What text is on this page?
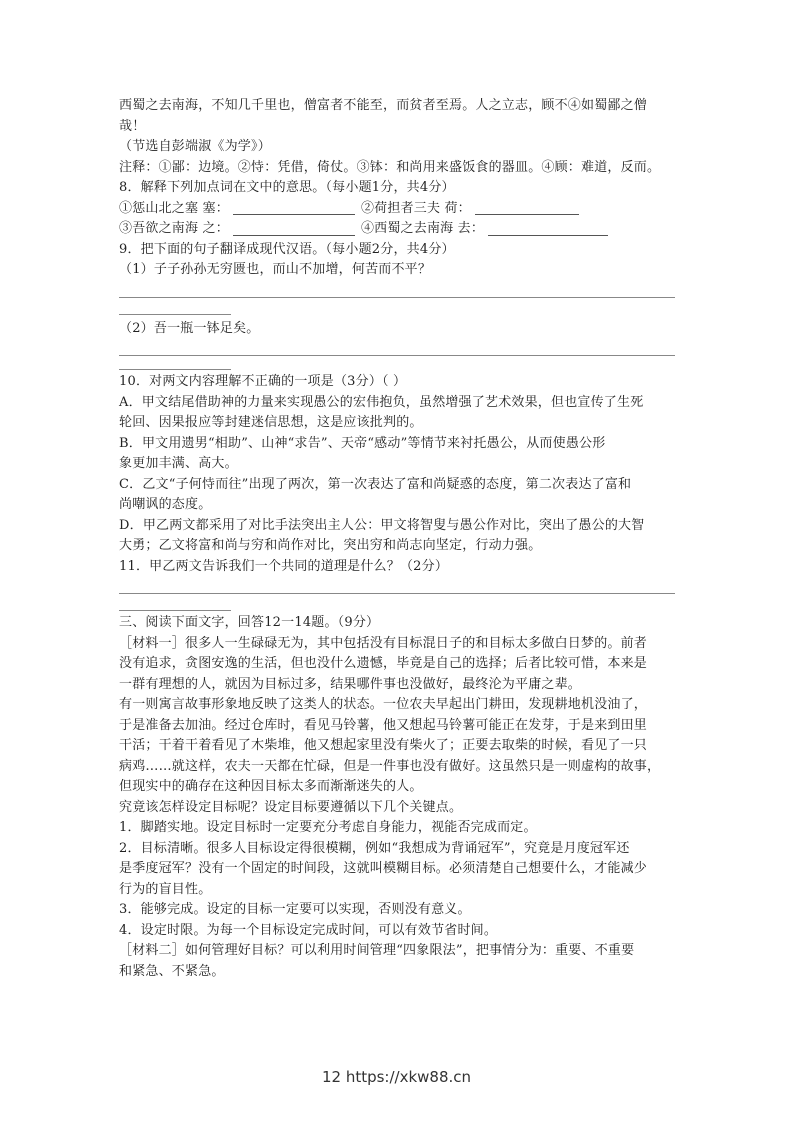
西蜀之去南海，不知几千里也，僧富者不能至，而贫者至焉。人之立志，顾不④如蜀鄙之僧
哉！
（节选自彭端淑《为学》）
注释：①鄙：边境。②恃：凭借，倚仗。③钵：和尚用来盛饭食的器皿。④顾：难道，反而。
8．解释下列加点词在文中的意思。（每小题1分，共4分）
①惩山北之塞 塞：	②荷担者三夫 荷：
③吾欲之南海 之：	④西蜀之去南海 去：
9．把下面的句子翻译成现代汉语。（每小题2分，共4分）
（1）子子孙孙无穷匮也，而山不加增，何苦而不平？
（2）吾一瓶一钵足矣。
10．对两文内容理解不正确的一项是（3分）（ ）
A．甲文结尾借助神的力量来实现愚公的宏伟抱负，虽然增强了艺术效果，但也宣传了生死
轮回、因果报应等封建迷信思想，这是应该批判的。
B．甲文用遗男“相助”、山神“求告”、天帝“感动”等情节来衬托愚公，从而使愚公形
象更加丰满、高大。
C．乙文“子何恃而往”出现了两次，第一次表达了富和尚疑惑的态度，第二次表达了富和
尚嘲讽的态度。
D．甲乙两文都采用了对比手法突出主人公：甲文将智叟与愚公作对比，突出了愚公的大智
大勇；乙文将富和尚与穷和尚作对比，突出穷和尚志向坚定，行动力强。
11．甲乙两文告诉我们一个共同的道理是什么？（2分）
三、阅读下面文字，回答12一14题。（9分）
［材料一］很多人一生碌碌无为，其中包括没有目标混日子的和目标太多做白日梦的。前者
没有追求，贪图安逸的生活，但也没什么遗憾，毕竟是自己的选择；后者比较可惜，本来是
一群有理想的人，就因为目标过多，结果哪件事也没做好，最终沦为平庸之辈。
有一则寓言故事形象地反映了这类人的状态。一位农夫早起出门耕田，发现耕地机没油了，
于是准备去加油。经过仓库时，看见马铃薯，他又想起马铃薯可能正在发芽，于是来到田里
干活；干着干着看见了木柴堆，他又想起家里没有柴火了；正要去取柴的时候，看见了一只
病鸡……就这样，农夫一天都在忙碌，但是一件事也没有做好。这虽然只是一则虚构的故事，
但现实中的确存在这种因目标太多而渐渐迷失的人。
究竟该怎样设定目标呢？设定目标要遵循以下几个关键点。
1．脚踏实地。设定目标时一定要充分考虑自身能力，视能否完成而定。
2．目标清晰。很多人目标设定得很模糊，例如“我想成为背诵冠军”，究竟是月度冠军还
是季度冠军？没有一个固定的时间段，这就叫模糊目标。必须清楚自己想要什么，才能减少
行为的盲目性。
3．能够完成。设定的目标一定要可以实现，否则没有意义。
4．设定时限。为每一个目标设定完成时间，可以有效节省时间。
［材料二］如何管理好目标？可以利用时间管理“四象限法”，把事情分为：重要、不重要
和紧急、不紧急。
12 https://xkw88.cn
